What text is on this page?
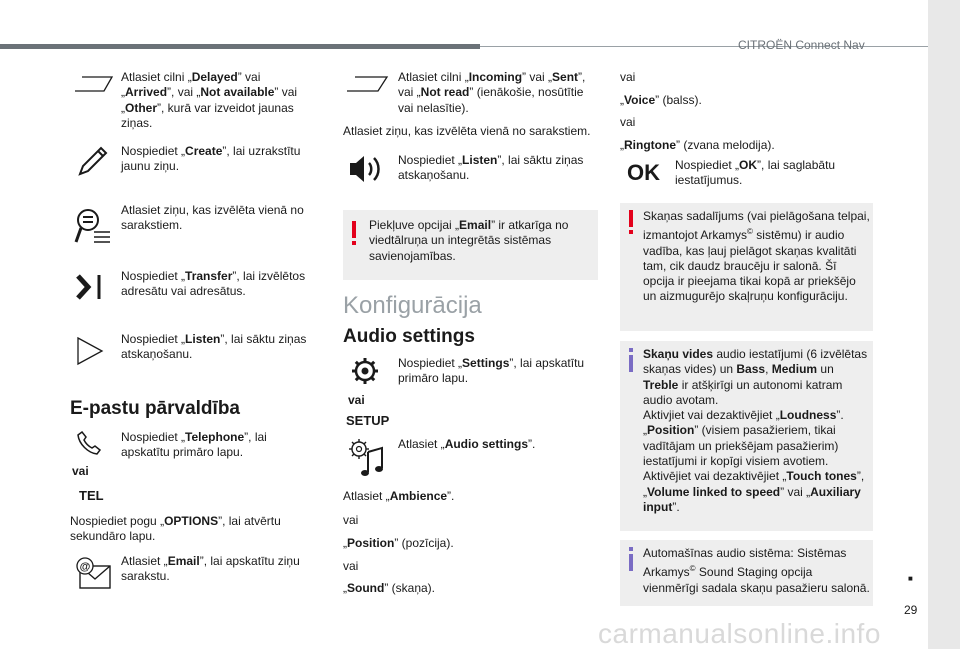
CITROËN Connect Nav
29
■
carmanualsonline.info
Atlasiet cilni „Delayed” vai „Arrived”, vai „Not available” vai „Other”, kurā var izveidot jaunas ziņas.
Nospiediet „Create”, lai uzrakstītu jaunu ziņu.
Atlasiet ziņu, kas izvēlēta vienā no sarakstiem.
Nospiediet „Transfer”, lai izvēlētos adresātu vai adresātus.
Nospiediet „Listen”, lai sāktu ziņas atskaņošanu.
E-pastu pārvaldība
Nospiediet „Telephone”, lai apskatītu primāro lapu.
vai
TEL
Nospiediet pogu „OPTIONS”, lai atvērtu sekundāro lapu.
@	Atlasiet „Email”, lai apskatītu ziņu sarakstu.
Atlasiet cilni „Incoming” vai „Sent”, vai „Not read” (ienākošie, nosūtītie vai nelasītie).
Atlasiet ziņu, kas izvēlēta vienā no sarakstiem.
Nospiediet „Listen”, lai sāktu ziņas atskaņošanu.
Piekļuve opcijai „Email” ir atkarīga no viedtālruņa un integrētās sistēmas savienojamības.
Konfigurācija
Audio settings
Nospiediet „Settings”, lai apskatītu primāro lapu.
vai
SETUP
Atlasiet „Audio settings”.
Atlasiet „Ambience”.
vai
„Position” (pozīcija).
vai
„Sound” (skaņa).
vai
„Voice” (balss).
vai
„Ringtone” (zvana melodija).
OK Nospiediet „OK”, lai saglabātu iestatījumus.
Skaņas sadalījums (vai pielāgošana telpai, izmantojot Arkamys© sistēmu) ir audio vadība, kas ļauj pielāgot skaņas kvalitāti tam, cik daudz braucēju ir salonā. Šī opcija ir pieejama tikai kopā ar priekšējo un aizmugurējo skaļruņu konfigurāciju.
Skaņu vides audio iestatījumi (6 izvēlētas skaņas vides) un Bass, Medium un Treble ir atšķirīgi un autonomi katram audio avotam.
Aktivjiet vai dezaktivējiet „Loudness”.
„Position” (visiem pasažieriem, tikai vadītājam un priekšējam pasažierim) iestatījumi ir kopīgi visiem avotiem.
Aktivējiet vai dezaktivējiet „Touch tones”, „Volume linked to speed” vai „Auxiliary input”.
Automašīnas audio sistēma: Sistēmas Arkamys© Sound Staging opcija vienmērīgi sadala skaņu pasažieru salonā.
